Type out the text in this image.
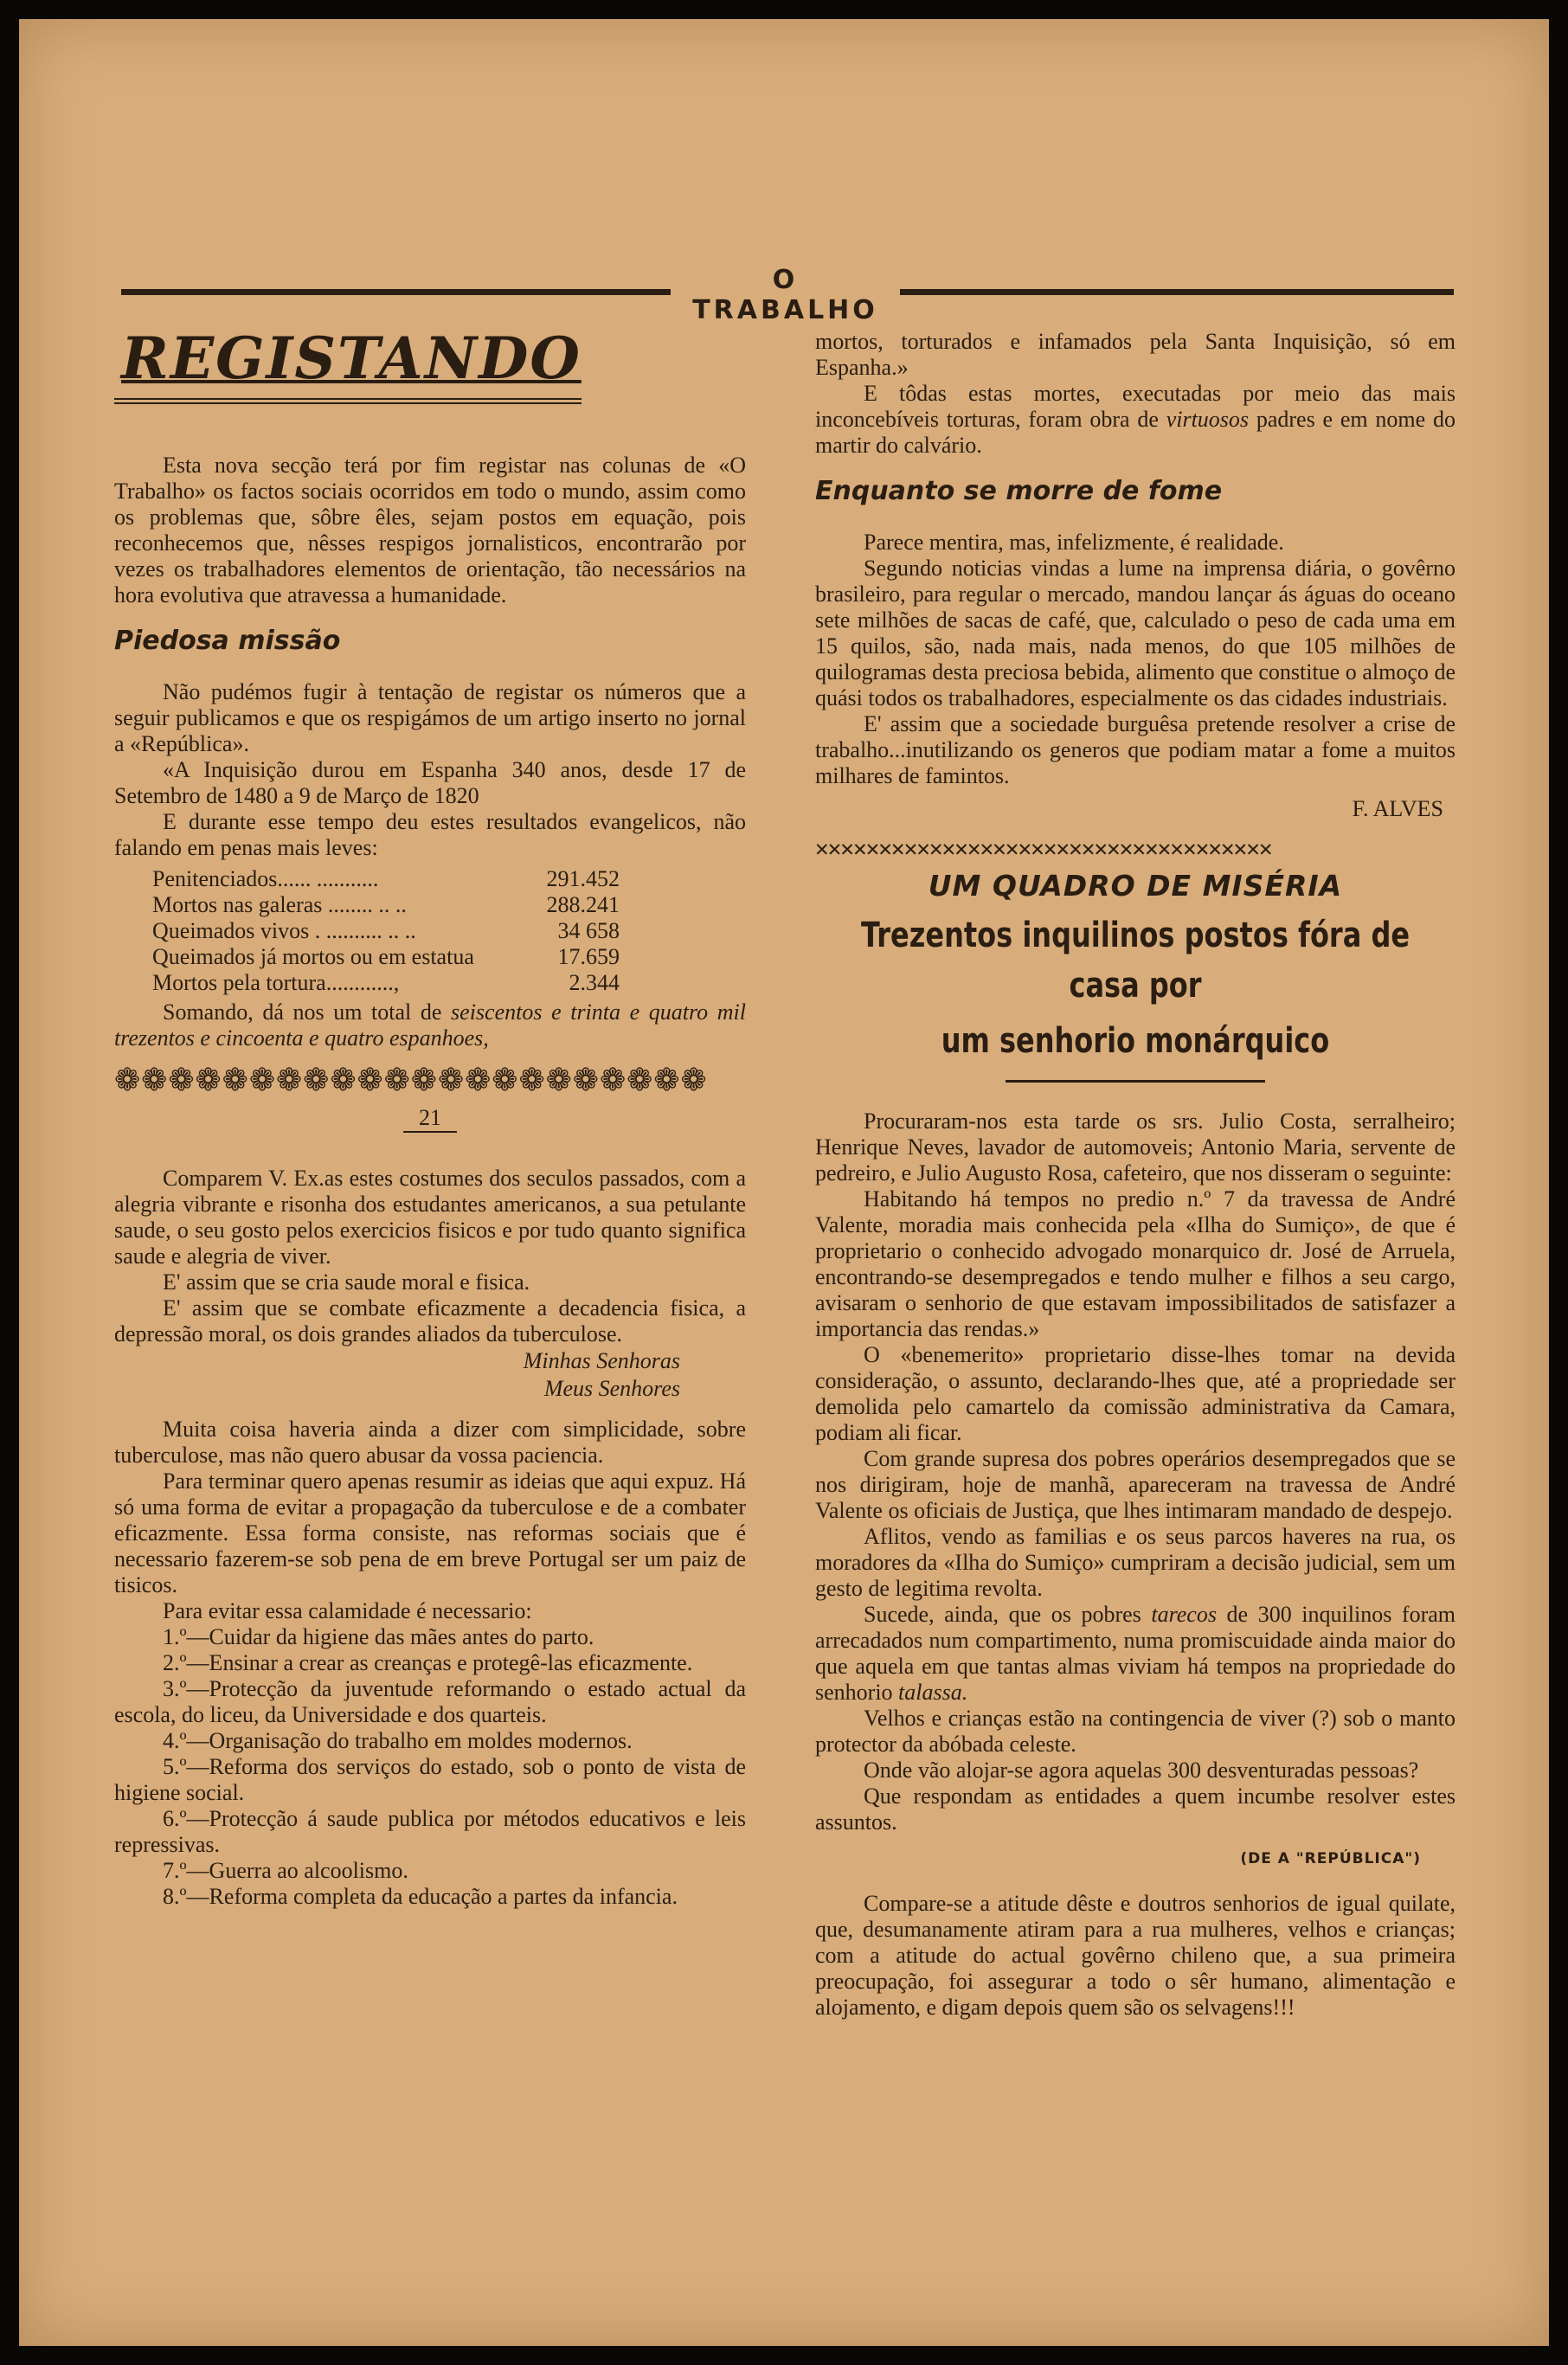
O TRABALHO
REGISTANDO

Esta nova secção terá por fim registar nas colunas de «O Trabalho» os factos sociais ocorridos em todo o mundo, assim como os problemas que, sôbre êles, sejam postos em equação, pois reconhecemos que, nêsses respigos jornalisticos, encontrarão por vezes os trabalhadores elementos de orientação, tão necessários na hora evolutiva que atravessa a humanidade.

Piedosa missão

Não pudémos fugir à tentação de registar os números que a seguir publicamos e que os respigámos de um artigo inserto no jornal a «República».

«A Inquisição durou em Espanha 340 anos, desde 17 de Setembro de 1480 a 9 de Março de 1820

E durante esse tempo deu estes resultados evangelicos, não falando em penas mais leves:

Penitenciados...... ...........	291.452
Mortos nas galeras ........ .. ..	288.241
Queimados vivos . .......... .. ..	34 658
Queimados já mortos ou em estatua	17.659
Mortos pela tortura............,	2.344

Somando, dá nos um total de seiscentos e trinta e quatro mil trezentos e cincoenta e quatro espanhoes,

❁❁❁❁❁❁❁❁❁❁❁❁❁❁❁❁❁❁❁❁❁❁
21

Comparem V. Ex.as estes costumes dos seculos passados, com a alegria vibrante e risonha dos estudantes americanos, a sua petulante saude, o seu gosto pelos exercicios fisicos e por tudo quanto significa saude e alegria de viver.

E' assim que se cria saude moral e fisica.

E' assim que se combate eficazmente a decadencia fisica, a depressão moral, os dois grandes aliados da tuberculose.

Minhas Senhoras
Meus Senhores

Muita coisa haveria ainda a dizer com simplicidade, sobre tuberculose, mas não quero abusar da vossa paciencia.

Para terminar quero apenas resumir as ideias que aqui expuz. Há só uma forma de evitar a propagação da tuberculose e de a combater eficazmente. Essa forma consiste, nas reformas sociais que é necessario fazerem-se sob pena de em breve Portugal ser um paiz de tisicos.

Para evitar essa calamidade é necessario:

1.º—Cuidar da higiene das mães antes do parto.

2.º—Ensinar a crear as creanças e protegê-las eficazmente.

3.º—Protecção da juventude reformando o estado actual da escola, do liceu, da Universidade e dos quarteis.

4.º—Organisação do trabalho em moldes modernos.

5.º—Reforma dos serviços do estado, sob o ponto de vista de higiene social.

6.º—Protecção á saude publica por métodos educativos e leis repressivas.

7.º—Guerra ao alcoolismo.

8.º—Reforma completa da educação a partes da infancia.

mortos, torturados e infamados pela Santa Inquisição, só em Espanha.»

E tôdas estas mortes, executadas por meio das mais inconcebíveis torturas, foram obra de virtuosos padres e em nome do martir do calvário.

Enquanto se morre de fome

Parece mentira, mas, infelizmente, é realidade.

Segundo noticias vindas a lume na imprensa diária, o govêrno brasileiro, para regular o mercado, mandou lançar ás águas do oceano sete milhões de sacas de café, que, calculado o peso de cada uma em 15 quilos, são, nada mais, nada menos, do que 105 milhões de quilogramas desta preciosa bebida, alimento que constitue o almoço de quási todos os trabalhadores, especialmente os das cidades industriais.

E' assim que a sociedade burguêsa pretende resolver a crise de trabalho...inutilizando os generos que podiam matar a fome a muitos milhares de famintos.

F. ALVES
✕✕✕✕✕✕✕✕✕✕✕✕✕✕✕✕✕✕✕✕✕✕✕✕✕✕✕✕✕✕✕✕✕✕✕✕
UM QUADRO DE MISÉRIA
Trezentos inquilinos postos fóra de casa por
um senhorio monárquico

Procuraram-nos esta tarde os srs. Julio Costa, serralheiro; Henrique Neves, lavador de automoveis; Antonio Maria, servente de pedreiro, e Julio Augusto Rosa, cafeteiro, que nos disseram o seguinte:

Habitando há tempos no predio n.º 7 da travessa de André Valente, moradia mais conhecida pela «Ilha do Sumiço», de que é proprietario o conhecido advogado monarquico dr. José de Arruela, encontrando-se desempregados e tendo mulher e filhos a seu cargo, avisaram o senhorio de que estavam impossibilitados de satisfazer a importancia das rendas.»

O «benemerito» proprietario disse-lhes tomar na devida consideração, o assunto, declarando-lhes que, até a propriedade ser demolida pelo camartelo da comissão administrativa da Camara, podiam ali ficar.

Com grande supresa dos pobres operários desempregados que se nos dirigiram, hoje de manhã, apareceram na travessa de André Valente os oficiais de Justiça, que lhes intimaram mandado de despejo.

Aflitos, vendo as familias e os seus parcos haveres na rua, os moradores da «Ilha do Sumiço» cumpriram a decisão judicial, sem um gesto de legitima revolta.

Sucede, ainda, que os pobres tarecos de 300 inquilinos foram arrecadados num compartimento, numa promiscuidade ainda maior do que aquela em que tantas almas viviam há tempos na propriedade do senhorio talassa.

Velhos e crianças estão na contingencia de viver (?) sob o manto protector da abóbada celeste.

Onde vão alojar-se agora aquelas 300 desventuradas pessoas?

Que respondam as entidades a quem incumbe resolver estes assuntos.

(DE A "REPÚBLICA")

Compare-se a atitude dêste e doutros senhorios de igual quilate, que, desumanamente atiram para a rua mulheres, velhos e crianças; com a atitude do actual govêrno chileno que, a sua primeira preocupação, foi assegurar a todo o sêr humano, alimentação e alojamento, e digam depois quem são os selvagens!!!
